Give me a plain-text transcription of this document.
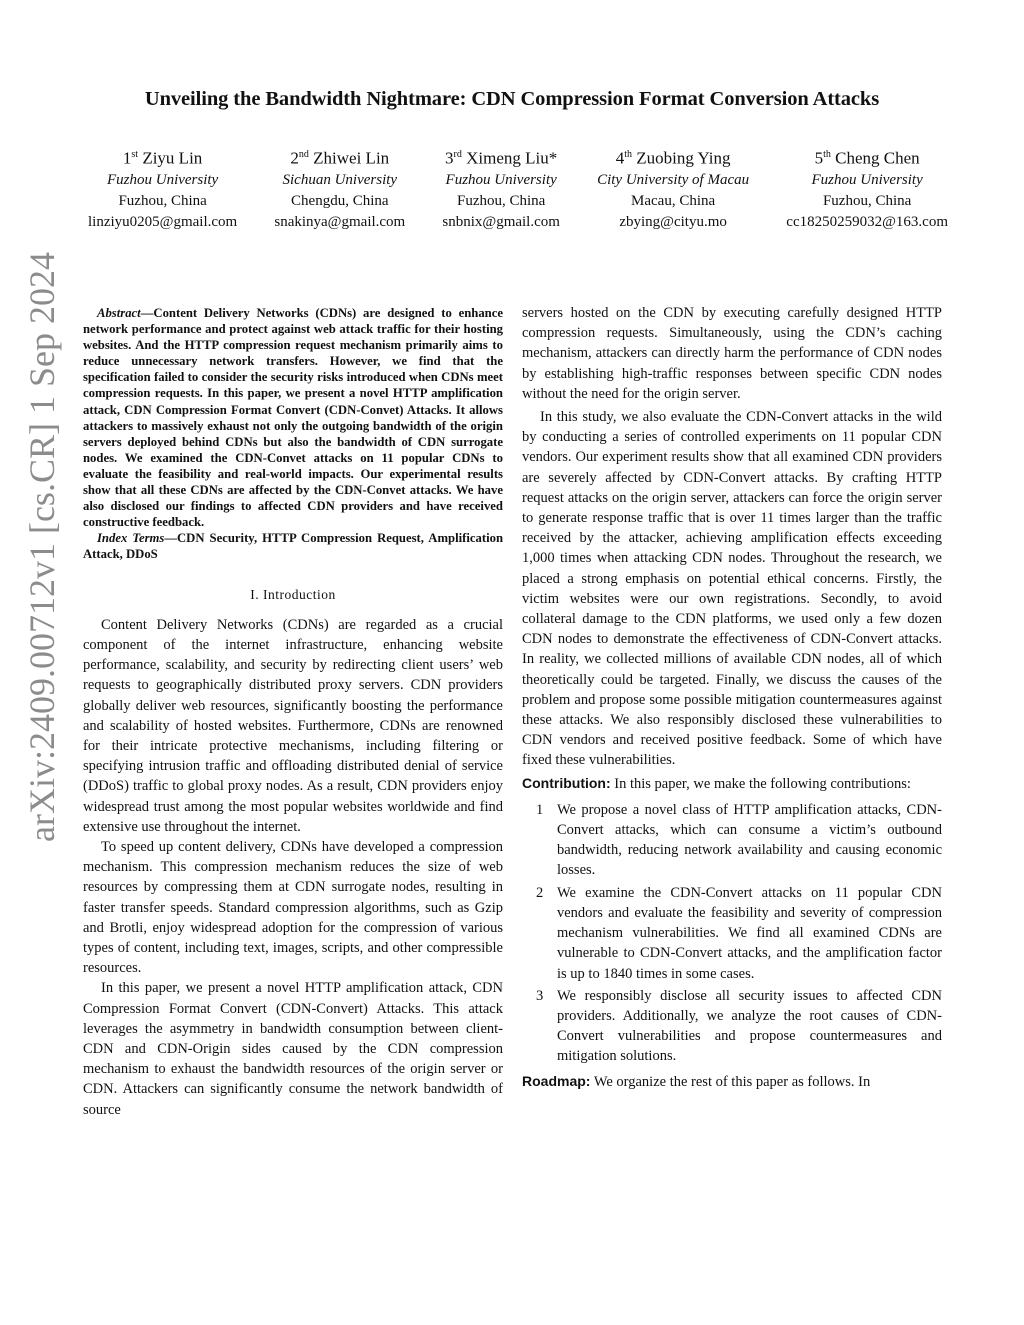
Unveiling the Bandwidth Nightmare: CDN Compression Format Conversion Attacks
1st Ziyu Lin
Fuzhou University
Fuzhou, China
linziyu0205@gmail.com
2nd Zhiwei Lin
Sichuan University
Chengdu, China
snakinya@gmail.com
3rd Ximeng Liu*
Fuzhou University
Fuzhou, China
snbnix@gmail.com
4th Zuobing Ying
City University of Macau
Macau, China
zbying@cityu.mo
5th Cheng Chen
Fuzhou University
Fuzhou, China
cc18250259032@163.com
arXiv:2409.00712v1 [cs.CR] 1 Sep 2024	Abstract—Content Delivery Networks (CDNs) are designed to enhance network performance and protect against web attack traffic for their hosting websites. And the HTTP compression request mechanism primarily aims to reduce unnecessary network transfers. However, we find that the specification failed to consider the security risks introduced when CDNs meet compression requests. In this paper, we present a novel HTTP amplification attack, CDN Compression Format Convert (CDN-Convet) Attacks. It allows attackers to massively exhaust not only the outgoing bandwidth of the origin servers deployed behind CDNs but also the bandwidth of CDN surrogate nodes. We examined the CDN-Convet attacks on 11 popular CDNs to evaluate the feasibility and real-world impacts. Our experimental results show that all these CDNs are affected by the CDN-Convet attacks. We have also disclosed our findings to affected CDN providers and have received constructive feedback.

Index Terms—CDN Security, HTTP Compression Request, Amplification Attack, DDoS

I. Introduction

Content Delivery Networks (CDNs) are regarded as a crucial component of the internet infrastructure, enhancing website performance, scalability, and security by redirecting client users’ web requests to geographically distributed proxy servers. CDN providers globally deliver web resources, significantly boosting the performance and scalability of hosted websites. Furthermore, CDNs are renowned for their intricate protective mechanisms, including filtering or specifying intrusion traffic and offloading distributed denial of service (DDoS) traffic to global proxy nodes. As a result, CDN providers enjoy widespread trust among the most popular websites worldwide and find extensive use throughout the internet.

To speed up content delivery, CDNs have developed a compression mechanism. This compression mechanism reduces the size of web resources by compressing them at CDN surrogate nodes, resulting in faster transfer speeds. Standard compression algorithms, such as Gzip and Brotli, enjoy widespread adoption for the compression of various types of content, including text, images, scripts, and other compressible resources.

In this paper, we present a novel HTTP amplification attack, CDN Compression Format Convert (CDN-Convert) Attacks. This attack leverages the asymmetry in bandwidth consumption between client-CDN and CDN-Origin sides caused by the CDN compression mechanism to exhaust the bandwidth resources of the origin server or CDN. Attackers can significantly consume the network bandwidth of source

servers hosted on the CDN by executing carefully designed HTTP compression requests. Simultaneously, using the CDN’s caching mechanism, attackers can directly harm the performance of CDN nodes by establishing high-traffic responses between specific CDN nodes without the need for the origin server.

In this study, we also evaluate the CDN-Convert attacks in the wild by conducting a series of controlled experiments on 11 popular CDN vendors. Our experiment results show that all examined CDN providers are severely affected by CDN-Convert attacks. By crafting HTTP request attacks on the origin server, attackers can force the origin server to generate response traffic that is over 11 times larger than the traffic received by the attacker, achieving amplification effects exceeding 1,000 times when attacking CDN nodes. Throughout the research, we placed a strong emphasis on potential ethical concerns. Firstly, the victim websites were our own registrations. Secondly, to avoid collateral damage to the CDN platforms, we used only a few dozen CDN nodes to demonstrate the effectiveness of CDN-Convert attacks. In reality, we collected millions of available CDN nodes, all of which theoretically could be targeted. Finally, we discuss the causes of the problem and propose some possible mitigation countermeasures against these attacks. We also responsibly disclosed these vulnerabilities to CDN vendors and received positive feedback. Some of which have fixed these vulnerabilities.

Contribution: In this paper, we make the following contributions:

1 We propose a novel class of HTTP amplification attacks, CDN-Convert attacks, which can consume a victim’s outbound bandwidth, reducing network availability and causing economic losses.
2 We examine the CDN-Convert attacks on 11 popular CDN vendors and evaluate the feasibility and severity of compression mechanism vulnerabilities. We find all examined CDNs are vulnerable to CDN-Convert attacks, and the amplification factor is up to 1840 times in some cases.
3 We responsibly disclose all security issues to affected CDN providers. Additionally, we analyze the root causes of CDN-Convert vulnerabilities and propose countermeasures and mitigation solutions.

Roadmap: We organize the rest of this paper as follows. In
